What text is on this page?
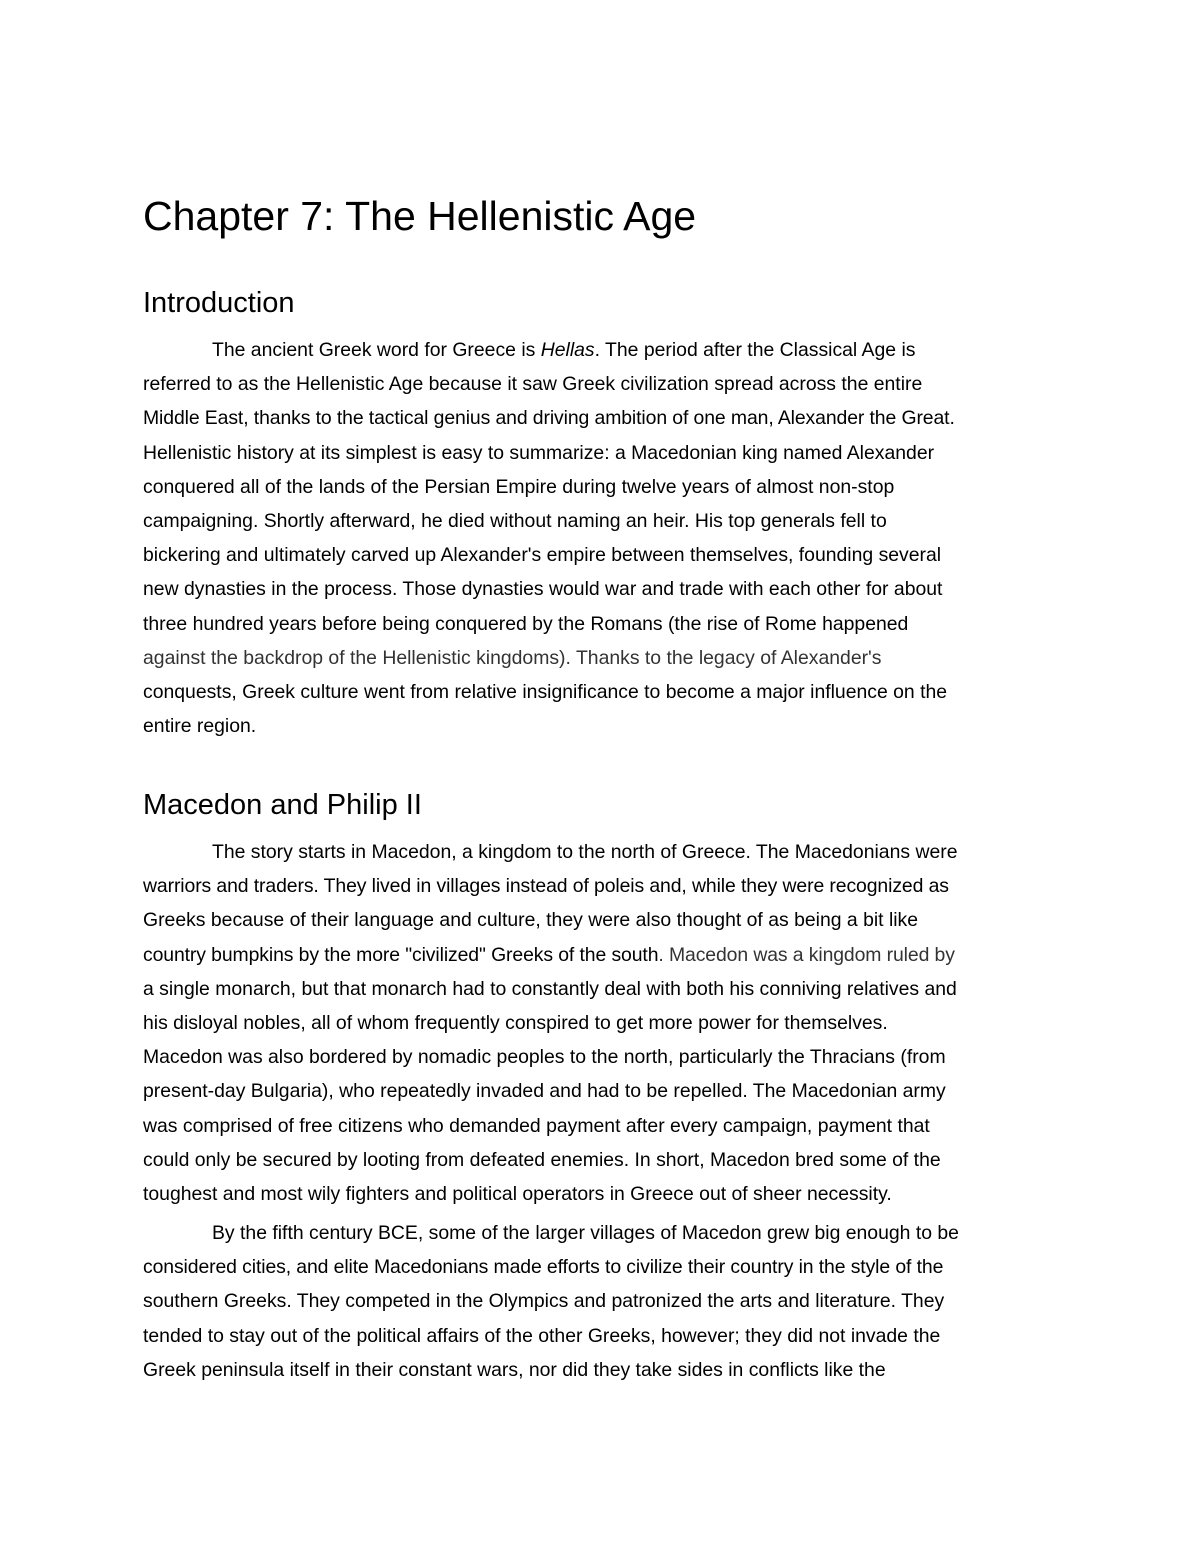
Chapter 7: The Hellenistic Age
Introduction
The ancient Greek word for Greece is Hellas. The period after the Classical Age is
referred to as the Hellenistic Age because it saw Greek civilization spread across the entire
Middle East, thanks to the tactical genius and driving ambition of one man, Alexander the Great.
Hellenistic history at its simplest is easy to summarize: a Macedonian king named Alexander
conquered all of the lands of the Persian Empire during twelve years of almost non-stop
campaigning. Shortly afterward, he died without naming an heir. His top generals fell to
bickering and ultimately carved up Alexander's empire between themselves, founding several
new dynasties in the process. Those dynasties would war and trade with each other for about
three hundred years before being conquered by the Romans (the rise of Rome happened
against the backdrop of the Hellenistic kingdoms). Thanks to the legacy of Alexander's
conquests, Greek culture went from relative insignificance to become a major influence on the
entire region.
Macedon and Philip II
The story starts in Macedon, a kingdom to the north of Greece. The Macedonians were
warriors and traders. They lived in villages instead of poleis and, while they were recognized as
Greeks because of their language and culture, they were also thought of as being a bit like
country bumpkins by the more "civilized" Greeks of the south. Macedon was a kingdom ruled by
a single monarch, but that monarch had to constantly deal with both his conniving relatives and
his disloyal nobles, all of whom frequently conspired to get more power for themselves.
Macedon was also bordered by nomadic peoples to the north, particularly the Thracians (from
present-day Bulgaria), who repeatedly invaded and had to be repelled. The Macedonian army
was comprised of free citizens who demanded payment after every campaign, payment that
could only be secured by looting from defeated enemies. In short, Macedon bred some of the
toughest and most wily fighters and political operators in Greece out of sheer necessity.
By the fifth century BCE, some of the larger villages of Macedon grew big enough to be
considered cities, and elite Macedonians made efforts to civilize their country in the style of the
southern Greeks. They competed in the Olympics and patronized the arts and literature. They
tended to stay out of the political affairs of the other Greeks, however; they did not invade the
Greek peninsula itself in their constant wars, nor did they take sides in conflicts like the
